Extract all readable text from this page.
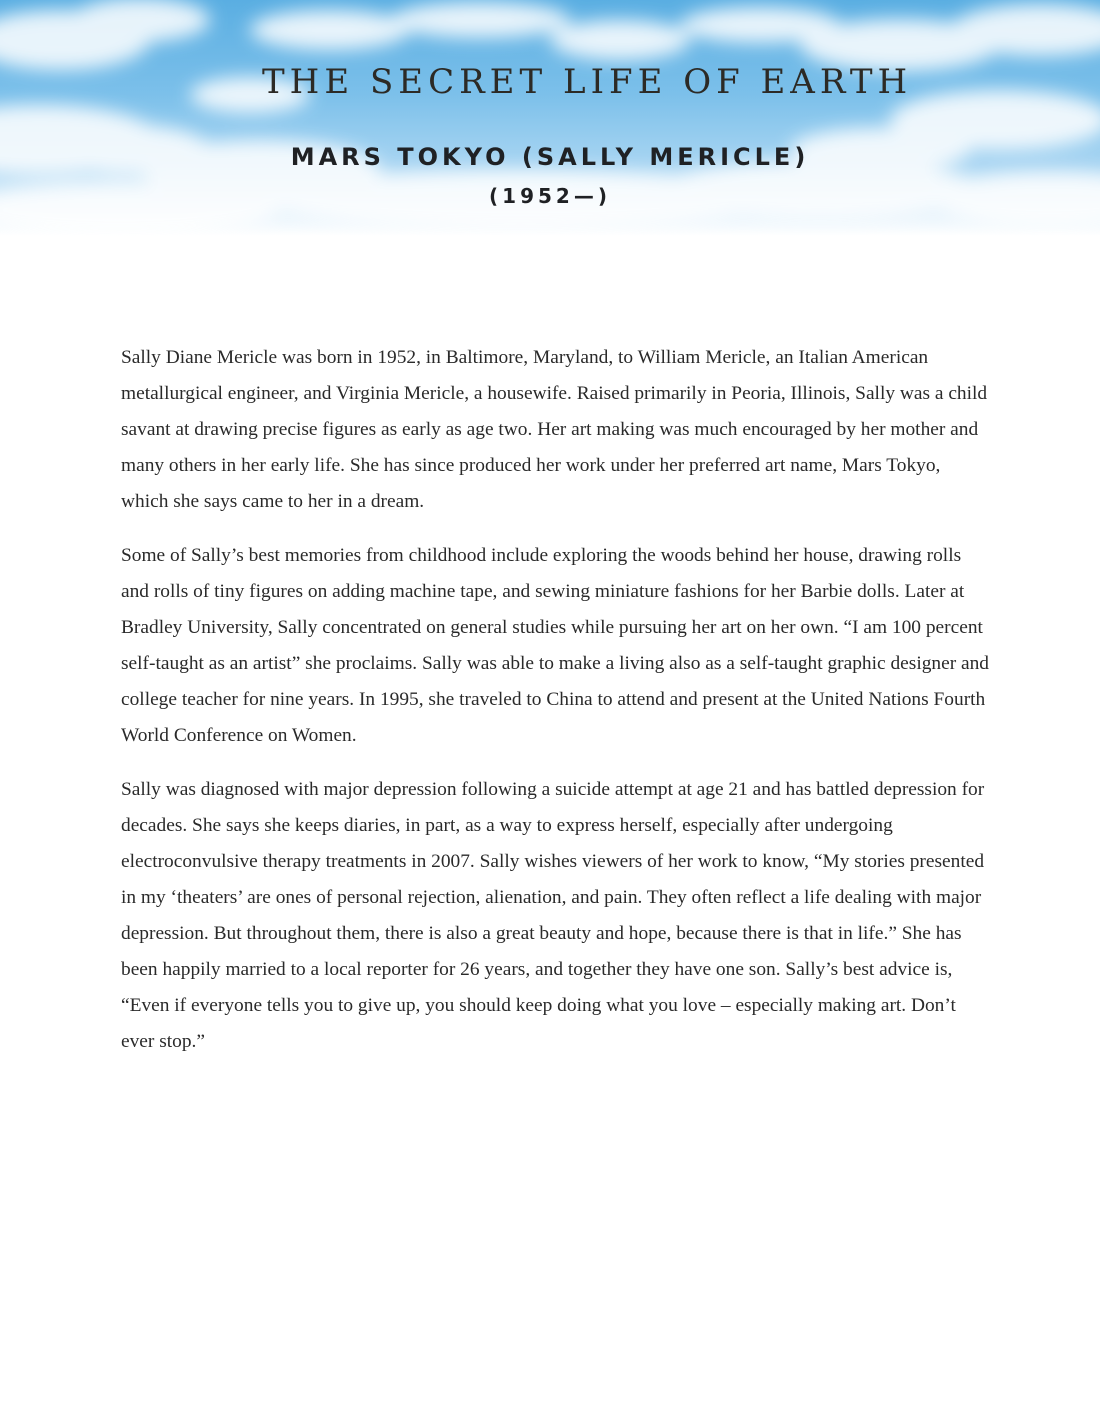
THE SECRET LIFE OF EARTH
MARS TOKYO (SALLY MERICLE)
(1952—)

Sally Diane Mericle was born in 1952, in Baltimore, Maryland, to William Mericle, an Italian American metallurgical engineer, and Virginia Mericle, a housewife. Raised primarily in Peoria, Illinois, Sally was a child savant at drawing precise figures as early as age two. Her art making was much encouraged by her mother and many others in her early life. She has since produced her work under her preferred art name, Mars Tokyo, which she says came to her in a dream.

Some of Sally’s best memories from childhood include exploring the woods behind her house, drawing rolls and rolls of tiny figures on adding machine tape, and sewing miniature fashions for her Barbie dolls. Later at Bradley University, Sally concentrated on general studies while pursuing her art on her own. “I am 100 percent self-taught as an artist” she proclaims. Sally was able to make a living also as a self-taught graphic designer and college teacher for nine years. In 1995, she traveled to China to attend and present at the United Nations Fourth World Conference on Women.

Sally was diagnosed with major depression following a suicide attempt at age 21 and has battled depression for decades. She says she keeps diaries, in part, as a way to express herself, especially after undergoing electroconvulsive therapy treatments in 2007. Sally wishes viewers of her work to know, “My stories presented in my ‘theaters’ are ones of personal rejection, alienation, and pain. They often reflect a life dealing with major depression. But throughout them, there is also a great beauty and hope, because there is that in life.” She has been happily married to a local reporter for 26 years, and together they have one son. Sally’s best advice is, “Even if everyone tells you to give up, you should keep doing what you love – especially making art. Don’t ever stop.”
